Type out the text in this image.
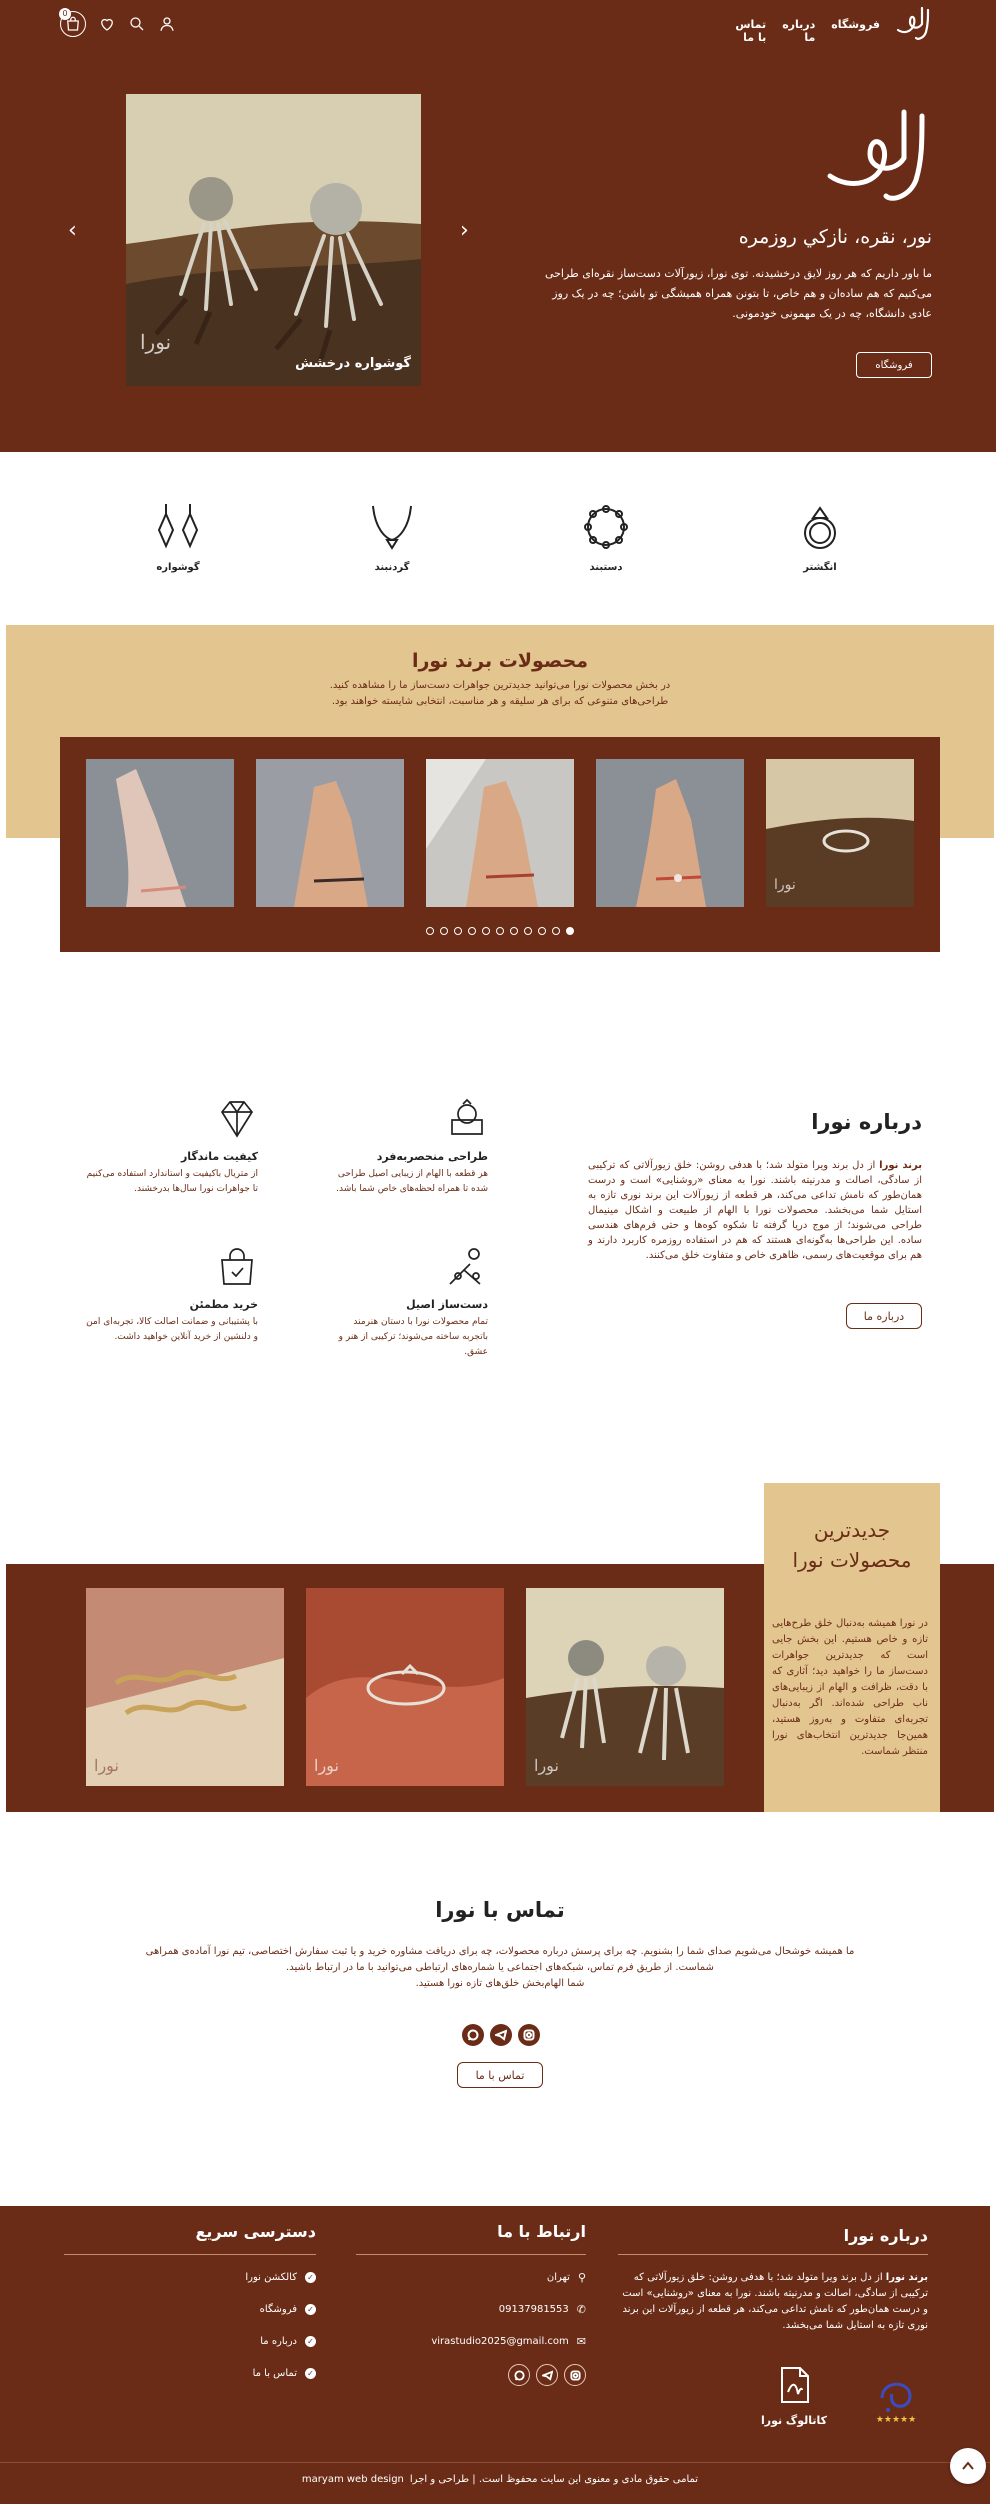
فروشگاه
درباره ما
تماس با ما
0
‹	›
نورا
گوشواره درخشش
نور، نقره، نازکي روزمره
ما باور داریم که هر روز لایق درخشیدنه. توی نورا، زیورآلات دست‌ساز نقره‌ای طراحی می‌کنیم که هم سادەان و هم خاص، تا بتونن همراه همیشگی تو باشن؛ چه در یک روز عادی دانشگاه، چه در یک مهمونی خودمونی.
فروشگاه
انگشتر
دستبند
گردنبند
گوشواره
محصولات برند نورا
در بخش محصولات نورا می‌توانید جدیدترین جواهرات دست‌ساز ما را مشاهده کنید.
طراحی‌های متنوعی که برای هر سلیقه و هر مناسبت، انتخابی شایسته خواهند بود.
نورا
درباره نورا
برند نورا از دل برند ویرا متولد شد؛ با هدفی روشن: خلق زیورآلاتی که ترکیبی از سادگی، اصالت و مدرنیته باشند. نورا به معنای «روشنایی» است و درست همان‌طور که نامش تداعی می‌کند، هر قطعه از زیورآلات این برند نوری تازه به استایل شما می‌بخشد. محصولات نورا با الهام از طبیعت و اشکال مینیمال طراحی می‌شوند؛ از موج دریا گرفته تا شکوه کوه‌ها و حتی فرم‌های هندسی ساده. این طراحی‌ها به‌گونه‌ای هستند که هم در استفاده روزمره کاربرد دارند و هم برای موقعیت‌های رسمی، ظاهری خاص و متفاوت خلق می‌کنند.
درباره ما
طراحی منحصربه‌فرد

هر قطعه با الهام از زیبایی اصیل طراحی شده تا همراه لحظه‌های خاص شما باشد.

کیفیت ماندگار

از متریال باکیفیت و استاندارد استفاده می‌کنیم تا جواهرات نورا سال‌ها بدرخشند.

دست‌ساز اصیل

تمام محصولات نورا با دستان هنرمند باتجربه ساخته می‌شوند؛ ترکیبی از هنر و عشق.

خرید مطمئن

با پشتیبانی و ضمانت اصالت کالا، تجربه‌ای امن و دلنشین از خرید آنلاین خواهید داشت.

جدیدترین
محصولات نورا
در نورا همیشه به‌دنبال خلق طرح‌هایی تازه و خاص هستیم. این بخش جایی است که جدیدترین جواهرات دست‌ساز ما را خواهید دید؛ آثاری که با دقت، ظرافت و الهام از زیبایی‌های ناب طراحی شده‌اند. اگر به‌دنبال تجربه‌ای متفاوت و به‌روز هستید، همین‌جا جدیدترین انتخاب‌های نورا منتظر شماست.
نورا
نورا
نورا
تماس با نورا
ما همیشه خوشحال می‌شویم صدای شما را بشنویم. چه برای پرسش درباره محصولات، چه برای دریافت مشاوره خرید و یا ثبت سفارش اختصاصی، تیم نورا آماده‌ی همراهی
شماست. از طریق فرم تماس، شبکه‌های اجتماعی یا شماره‌های ارتباطی می‌توانید با ما در ارتباط باشید.
شما الهام‌بخش خلق‌های تازه نورا هستید.
تماس با ما
درباره نورا
برند نورا از دل برند ویرا متولد شد؛ با هدفی روشن: خلق زیورآلاتی که ترکیبی از سادگی، اصالت و مدرنیته باشند. نورا به معنای «روشنایی» است و درست همان‌طور که نامش تداعی می‌کند، هر قطعه از زیورآلات این برند نوری تازه به استایل شما می‌بخشد.
★★★★★
کاتالوگ نورا
ارتباط با ما
⚲
تهران
✆
09137981553
✉
virastudio2025@gmail.com
دسترسی سریع
✓
کالکشن نورا
✓
فروشگاه
✓
درباره ما
✓
تماس با ما
تمامی حقوق مادی و معنوی این سایت محفوظ است. | طراحی و اجرا
maryam web design
